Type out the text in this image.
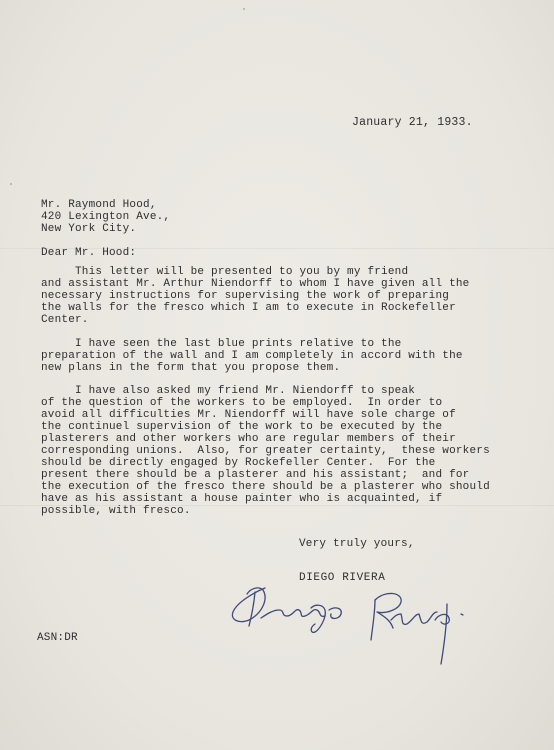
January 21, 1933.

Mr. Raymond Hood,

420 Lexington Ave.,

New York City.

Dear Mr. Hood:

This letter will be presented to you by my friend

and assistant Mr. Arthur Niendorff to whom I have given all the

necessary instructions for supervising the work of preparing

the walls for the fresco which I am to execute in Rockefeller

Center.

I have seen the last blue prints relative to the

preparation of the wall and I am completely in accord with the

new plans in the form that you propose them.

I have also asked my friend Mr. Niendorff to speak

of the question of the workers to be employed.  In order to

avoid all difficulties Mr. Niendorff will have sole charge of

the continuel supervision of the work to be executed by the

plasterers and other workers who are regular members of their

corresponding unions.  Also, for greater certainty,  these workers

should be directly engaged by Rockefeller Center.  For the

present there should be a plasterer and his assistant;  and for

the execution of the fresco there should be a plasterer who should

have as his assistant a house painter who is acquainted, if

possible, with fresco.

Very truly yours,

DIEGO RIVERA

ASN:DR
